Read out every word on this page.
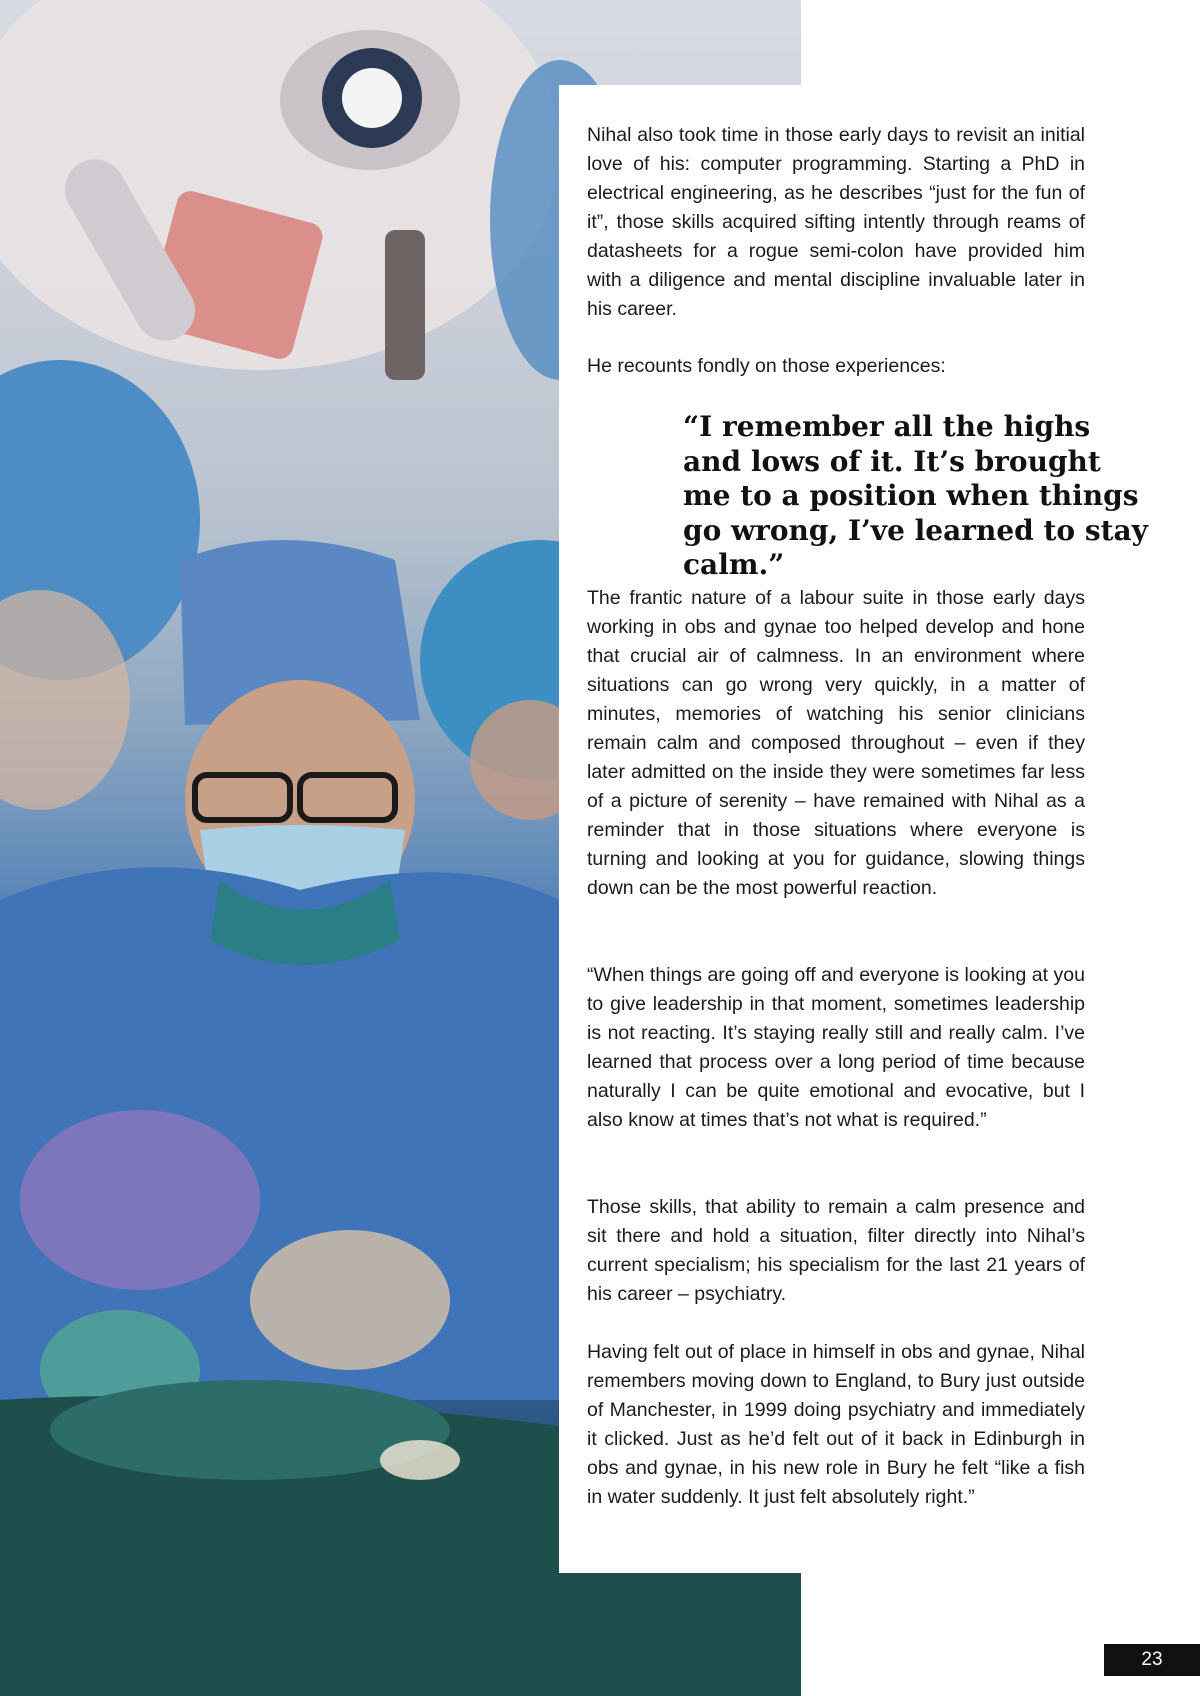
Nihal also took time in those early days to revisit an initial love of his: computer programming. Starting a PhD in electrical engineering, as he describes “just for the fun of it”, those skills acquired sifting intently through reams of datasheets for a rogue semi-colon have provided him with a diligence and mental discipline invaluable later in his career.

He recounts fondly on those experiences:

“I remember all the highs and lows of it. It’s brought me to a position when things go wrong, I’ve learned to stay calm.”

The frantic nature of a labour suite in those early days working in obs and gynae too helped develop and hone that crucial air of calmness. In an environment where situations can go wrong very quickly, in a matter of minutes, memories of watching his senior clinicians remain calm and composed throughout – even if they later admitted on the inside they were sometimes far less of a picture of serenity – have remained with Nihal as a reminder that in those situations where everyone is turning and looking at you for guidance, slowing things down can be the most powerful reaction.

“When things are going off and everyone is looking at you to give leadership in that moment, sometimes leadership is not reacting. It’s staying really still and really calm. I’ve learned that process over a long period of time because naturally I can be quite emotional and evocative, but I also know at times that’s not what is required.”

Those skills, that ability to remain a calm presence and sit there and hold a situation, filter directly into Nihal’s current specialism; his specialism for the last 21 years of his career – psychiatry.

Having felt out of place in himself in obs and gynae, Nihal remembers moving down to England, to Bury just outside of Manchester, in 1999 doing psychiatry and immediately it clicked. Just as he’d felt out of it back in Edinburgh in obs and gynae, in his new role in Bury he felt “like a fish in water suddenly. It just felt absolutely right.”

23
